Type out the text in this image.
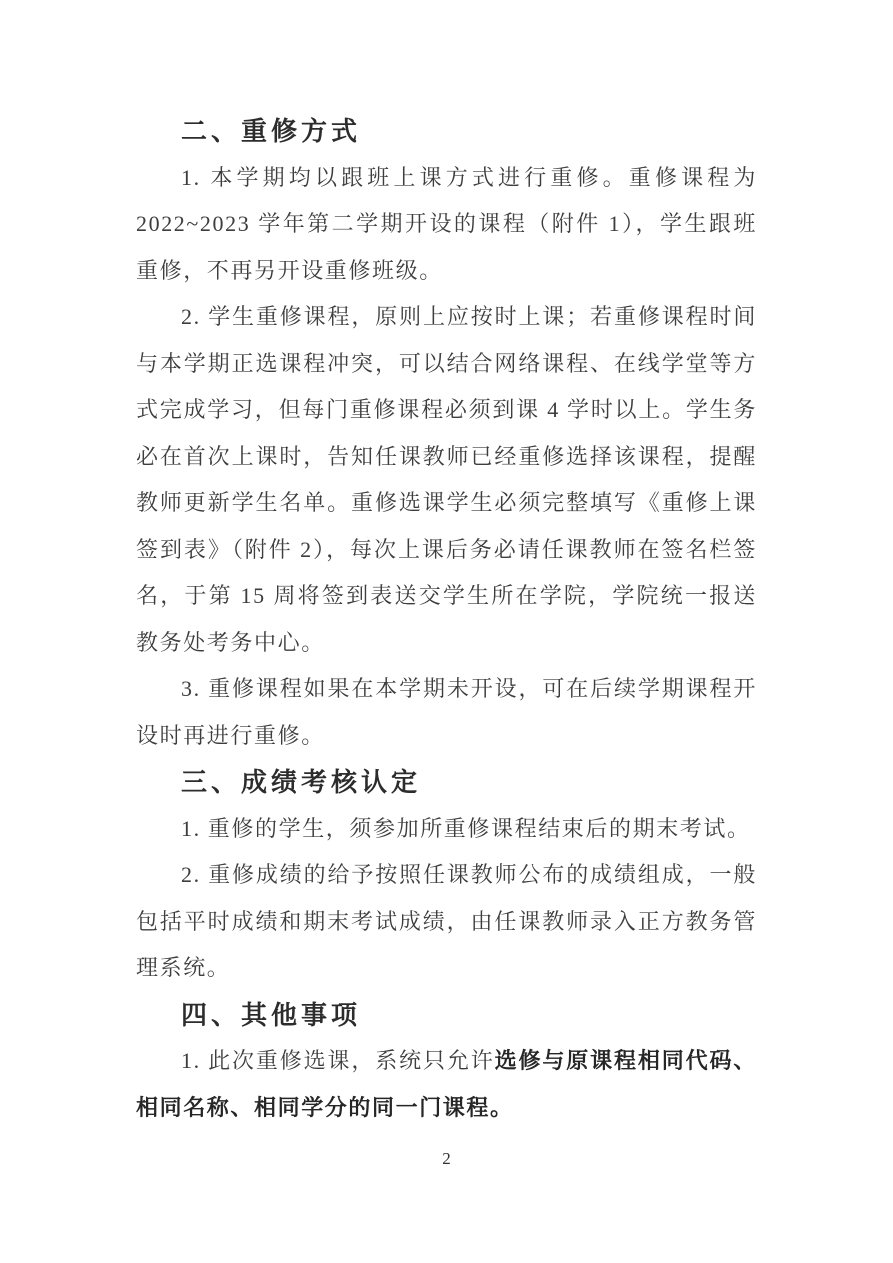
二、重修方式

1. 本学期均以跟班上课方式进行重修。重修课程为 2022~2023 学年第二学期开设的课程（附件 1），学生跟班重修，不再另开设重修班级。

2. 学生重修课程，原则上应按时上课；若重修课程时间与本学期正选课程冲突，可以结合网络课程、在线学堂等方式完成学习，但每门重修课程必须到课 4 学时以上。学生务必在首次上课时，告知任课教师已经重修选择该课程，提醒教师更新学生名单。重修选课学生必须完整填写《重修上课签到表》（附件 2），每次上课后务必请任课教师在签名栏签名，于第 15 周将签到表送交学生所在学院，学院统一报送教务处考务中心。

3. 重修课程如果在本学期未开设，可在后续学期课程开设时再进行重修。

三、成绩考核认定

1. 重修的学生，须参加所重修课程结束后的期末考试。

2. 重修成绩的给予按照任课教师公布的成绩组成，一般包括平时成绩和期末考试成绩，由任课教师录入正方教务管理系统。

四、其他事项

1. 此次重修选课，系统只允许选修与原课程相同代码、相同名称、相同学分的同一门课程。

2
